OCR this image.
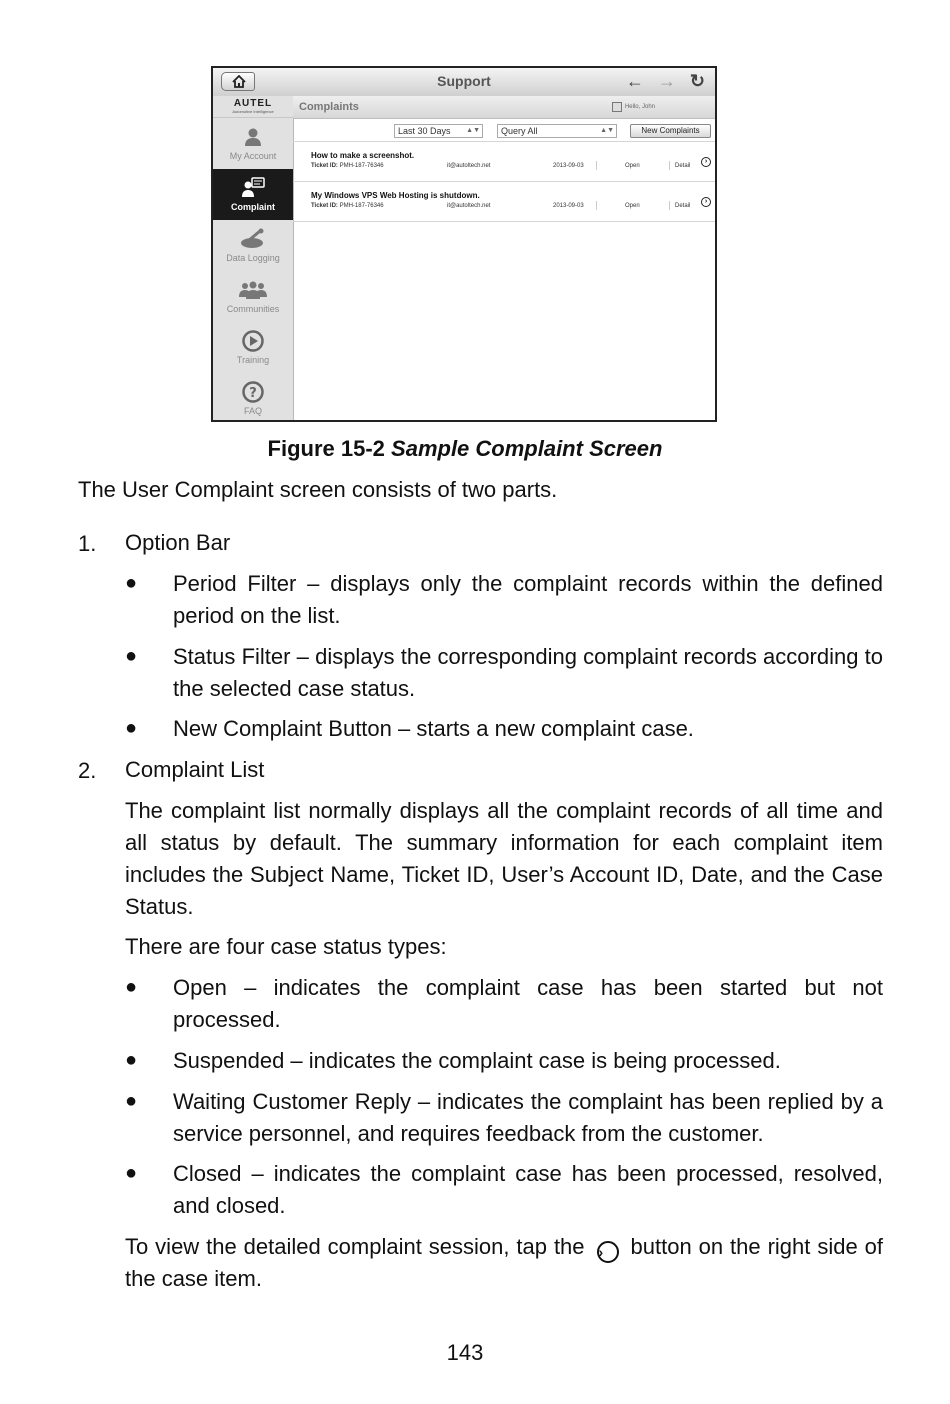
Support	← → ↻
AUTEL
Automotive Intelligence
My Account
Complaint
Data Logging
Communities
Training
?
FAQ
Complaints	Hello, John
Last 30 Days ▲▼	Query All	▲▼	New Complaints
How to make a screenshot.
Ticket ID: PMH-187-76346	it@autoltech.net	2013-09-03	Open	Detail
›
My Windows VPS Web Hosting is shutdown.
Ticket ID: PMH-187-76346	it@autoltech.net	2013-09-03	Open	Detail
›
Figure 15-2 Sample Complaint Screen

The User Complaint screen consists of two parts.

1. Option Bar

● Period Filter – displays only the complaint records within the defined period on the list.

● Status Filter – displays the corresponding complaint records according to the selected case status.

● New Complaint Button – starts a new complaint case.

2. Complaint List

The complaint list normally displays all the complaint records of all time and all status by default. The summary information for each complaint item includes the Subject Name, Ticket ID, User’s Account ID, Date, and the Case Status.

There are four case status types:

● Open – indicates the complaint case has been started but not processed.

● Suspended – indicates the complaint case is being processed.

● Waiting Customer Reply – indicates the complaint has been replied by a service personnel, and requires feedback from the customer.

● Closed – indicates the complaint case has been processed, resolved, and closed.

To view the detailed complaint session, tap the › button on the right side of the case item.

143
